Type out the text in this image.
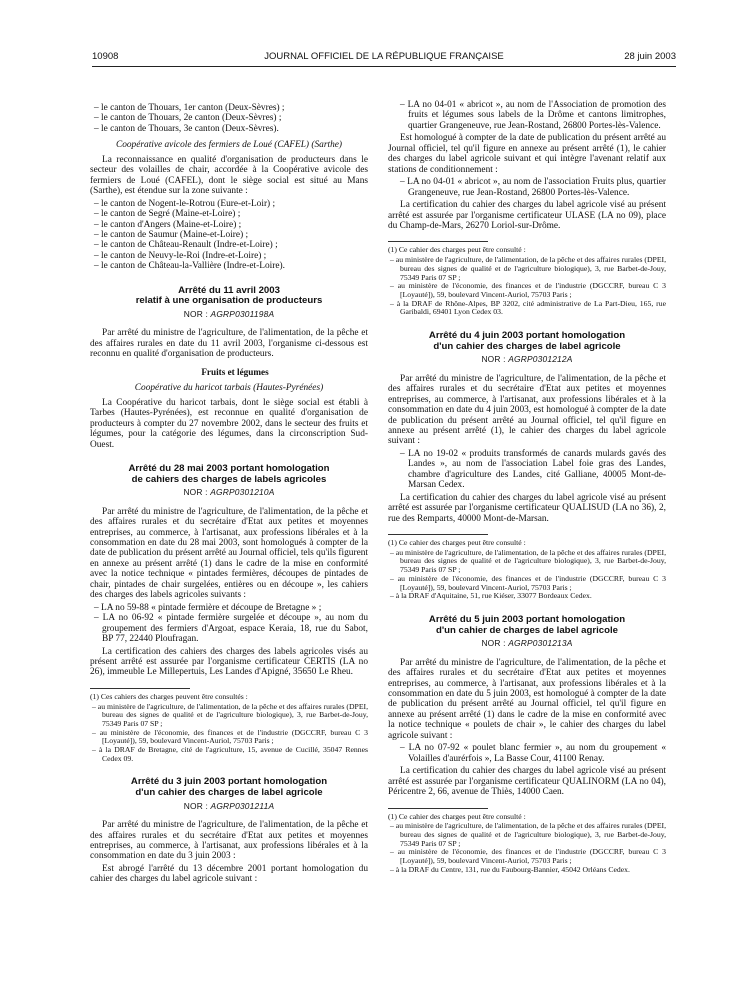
10908	JOURNAL OFFICIEL DE LA RÉPUBLIQUE FRANÇAISE	28 juin 2003
– le canton de Thouars, 1er canton (Deux-Sèvres) ;
– le canton de Thouars, 2e canton (Deux-Sèvres) ;
– le canton de Thouars, 3e canton (Deux-Sèvres).

Coopérative avicole des fermiers de Loué (CAFEL) (Sarthe)

La reconnaissance en qualité d'organisation de producteurs dans le secteur des volailles de chair, accordée à la Coopérative avicole des fermiers de Loué (CAFEL), dont le siège social est situé au Mans (Sarthe), est étendue sur la zone suivante :

– le canton de Nogent-le-Rotrou (Eure-et-Loir) ;
– le canton de Segré (Maine-et-Loire) ;
– le canton d'Angers (Maine-et-Loire) ;
– le canton de Saumur (Maine-et-Loire) ;
– le canton de Château-Renault (Indre-et-Loire) ;
– le canton de Neuvy-le-Roi (Indre-et-Loire) ;
– le canton de Château-la-Vallière (Indre-et-Loire).
Arrêté du 11 avril 2003
relatif à une organisation de producteurs
NOR : AGRP0301198A

Par arrêté du ministre de l'agriculture, de l'alimentation, de la pêche et des affaires rurales en date du 11 avril 2003, l'organisme ci-dessous est reconnu en qualité d'organisation de producteurs.

Fruits et légumes

Coopérative du haricot tarbais (Hautes-Pyrénées)

La Coopérative du haricot tarbais, dont le siège social est établi à Tarbes (Hautes-Pyrénées), est reconnue en qualité d'organisation de producteurs à compter du 27 novembre 2002, dans le secteur des fruits et légumes, pour la catégorie des légumes, dans la circonscription Sud-Ouest.

Arrêté du 28 mai 2003 portant homologation
de cahiers des charges de labels agricoles
NOR : AGRP0301210A

Par arrêté du ministre de l'agriculture, de l'alimentation, de la pêche et des affaires rurales et du secrétaire d'Etat aux petites et moyennes entreprises, au commerce, à l'artisanat, aux professions libérales et à la consommation en date du 28 mai 2003, sont homologués à compter de la date de publication du présent arrêté au Journal officiel, tels qu'ils figurent en annexe au présent arrêté (1) dans le cadre de la mise en conformité avec la notice technique « pintades fermières, découpes de pintades de chair, pintades de chair surgelées, entières ou en découpe », les cahiers des charges des labels agricoles suivants :

– LA no 59-88 « pintade fermière et découpe de Bretagne » ;
– LA no 06-92 « pintade fermière surgelée et découpe », au nom du groupement des fermiers d'Argoat, espace Keraia, 18, rue du Sabot, BP 77, 22440 Ploufragan.

La certification des cahiers des charges des labels agricoles visés au présent arrêté est assurée par l'organisme certificateur CERTIS (LA no 26), immeuble Le Millepertuis, Les Landes d'Apigné, 35650 Le Rheu.

(1) Ces cahiers des charges peuvent être consultés :

– au ministère de l'agriculture, de l'alimentation, de la pêche et des affaires rurales (DPEI, bureau des signes de qualité et de l'agriculture biologique), 3, rue Barbet-de-Jouy, 75349 Paris 07 SP ;
– au ministère de l'économie, des finances et de l'industrie (DGCCRF, bureau C 3 [Loyauté]), 59, boulevard Vincent-Auriol, 75703 Paris ;
– à la DRAF de Bretagne, cité de l'agriculture, 15, avenue de Cucillé, 35047 Rennes Cedex 09.
Arrêté du 3 juin 2003 portant homologation
d'un cahier des charges de label agricole
NOR : AGRP0301211A

Par arrêté du ministre de l'agriculture, de l'alimentation, de la pêche et des affaires rurales et du secrétaire d'Etat aux petites et moyennes entreprises, au commerce, à l'artisanat, aux professions libérales et à la consommation en date du 3 juin 2003 :

Est abrogé l'arrêté du 13 décembre 2001 portant homologation du cahier des charges du label agricole suivant :

– LA no 04-01 « abricot », au nom de l'Association de promotion des fruits et légumes sous labels de la Drôme et cantons limitrophes, quartier Grangeneuve, rue Jean-Rostand, 26800 Portes-lès-Valence.

Est homologué à compter de la date de publication du présent arrêté au Journal officiel, tel qu'il figure en annexe au présent arrêté (1), le cahier des charges du label agricole suivant et qui intègre l'avenant relatif aux stations de conditionnement :

– LA no 04-01 « abricot », au nom de l'association Fruits plus, quartier Grangeneuve, rue Jean-Rostand, 26800 Portes-lès-Valence.

La certification du cahier des charges du label agricole visé au présent arrêté est assurée par l'organisme certificateur ULASE (LA no 09), place du Champ-de-Mars, 26270 Loriol-sur-Drôme.

(1) Ce cahier des charges peut être consulté :

– au ministère de l'agriculture, de l'alimentation, de la pêche et des affaires rurales (DPEI, bureau des signes de qualité et de l'agriculture biologique), 3, rue Barbet-de-Jouy, 75349 Paris 07 SP ;
– au ministère de l'économie, des finances et de l'industrie (DGCCRF, bureau C 3 [Loyauté]), 59, boulevard Vincent-Auriol, 75703 Paris ;
– à la DRAF de Rhône-Alpes, BP 3202, cité administrative de La Part-Dieu, 165, rue Garibaldi, 69401 Lyon Cedex 03.
Arrêté du 4 juin 2003 portant homologation
d'un cahier des charges de label agricole
NOR : AGRP0301212A

Par arrêté du ministre de l'agriculture, de l'alimentation, de la pêche et des affaires rurales et du secrétaire d'Etat aux petites et moyennes entreprises, au commerce, à l'artisanat, aux professions libérales et à la consommation en date du 4 juin 2003, est homologué à compter de la date de publication du présent arrêté au Journal officiel, tel qu'il figure en annexe au présent arrêté (1), le cahier des charges du label agricole suivant :

– LA no 19-02 « produits transformés de canards mulards gavés des Landes », au nom de l'association Label foie gras des Landes, chambre d'agriculture des Landes, cité Galliane, 40005 Mont-de-Marsan Cedex.

La certification du cahier des charges du label agricole visé au présent arrêté est assurée par l'organisme certificateur QUALISUD (LA no 36), 2, rue des Remparts, 40000 Mont-de-Marsan.

(1) Ce cahier des charges peut être consulté :

– au ministère de l'agriculture, de l'alimentation, de la pêche et des affaires rurales (DPEI, bureau des signes de qualité et de l'agriculture biologique), 3, rue Barbet-de-Jouy, 75349 Paris 07 SP ;
– au ministère de l'économie, des finances et de l'industrie (DGCCRF, bureau C 3 [Loyauté]), 59, boulevard Vincent-Auriol, 75703 Paris ;
– à la DRAF d'Aquitaine, 51, rue Kiéser, 33077 Bordeaux Cedex.
Arrêté du 5 juin 2003 portant homologation
d'un cahier de charges de label agricole
NOR : AGRP0301213A

Par arrêté du ministre de l'agriculture, de l'alimentation, de la pêche et des affaires rurales et du secrétaire d'Etat aux petites et moyennes entreprises, au commerce, à l'artisanat, aux professions libérales et à la consommation en date du 5 juin 2003, est homologué à compter de la date de publication du présent arrêté au Journal officiel, tel qu'il figure en annexe au présent arrêté (1) dans le cadre de la mise en conformité avec la notice technique « poulets de chair », le cahier des charges du label agricole suivant :

– LA no 07-92 « poulet blanc fermier », au nom du groupement « Volailles d'aurérfois », La Basse Cour, 41100 Renay.

La certification du cahier des charges du label agricole visé au présent arrêté est assurée par l'organisme certificateur QUALINORM (LA no 04), Péricentre 2, 66, avenue de Thiès, 14000 Caen.

(1) Ce cahier des charges peut être consulté :

– au ministère de l'agriculture, de l'alimentation, de la pêche et des affaires rurales (DPEI, bureau des signes de qualité et de l'agriculture biologique), 3, rue Barbet-de-Jouy, 75349 Paris 07 SP ;
– au ministère de l'économie, des finances et de l'industrie (DGCCRF, bureau C 3 [Loyauté]), 59, boulevard Vincent-Auriol, 75703 Paris ;
– à la DRAF du Centre, 131, rue du Faubourg-Bannier, 45042 Orléans Cedex.
